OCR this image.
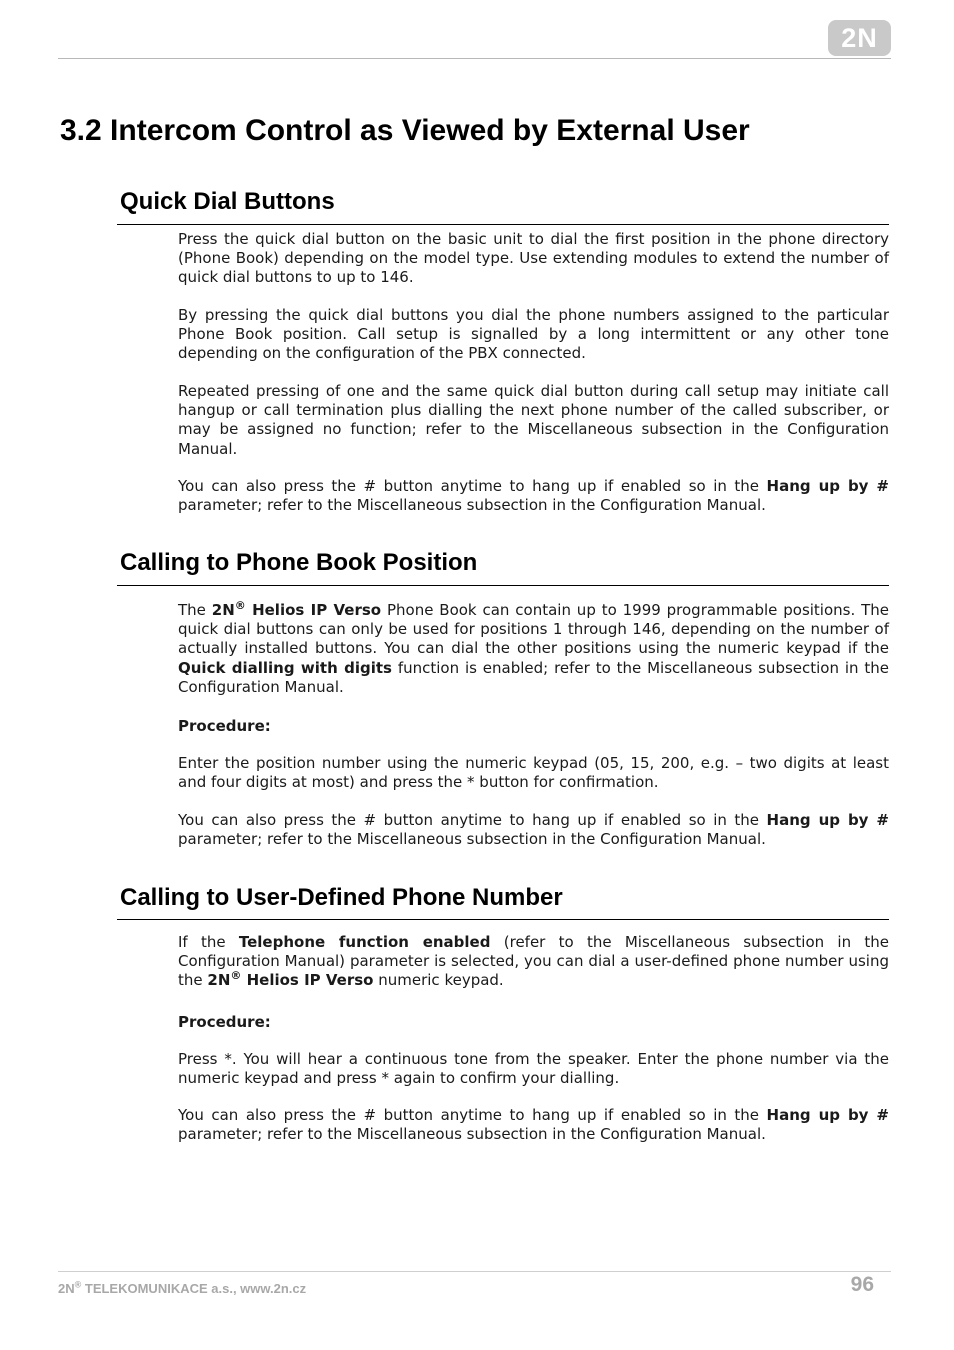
2N
3.2 Intercom Control as Viewed by External User
Quick Dial Buttons

Press the quick dial button on the basic unit to dial the first position in the phone directory (Phone Book) depending on the model type. Use extending modules to extend the number of quick dial buttons to up to 146.

By pressing the quick dial buttons you dial the phone numbers assigned to the particular Phone Book position. Call setup is signalled by a long intermittent or any other tone depending on the configuration of the PBX connected.

Repeated pressing of one and the same quick dial button during call setup may initiate call hangup or call termination plus dialling the next phone number of the called subscriber, or may be assigned no function; refer to the Miscellaneous subsection in the Configuration Manual.

You can also press the # button anytime to hang up if enabled so in the Hang up by # parameter; refer to the Miscellaneous subsection in the Configuration Manual.

Calling to Phone Book Position

The 2N® Helios IP Verso Phone Book can contain up to 1999 programmable positions. The quick dial buttons can only be used for positions 1 through 146, depending on the number of actually installed buttons. You can dial the other positions using the numeric keypad if the Quick dialling with digits function is enabled; refer to the Miscellaneous subsection in the Configuration Manual.

Procedure:

Enter the position number using the numeric keypad (05, 15, 200, e.g. – two digits at least and four digits at most) and press the * button for confirmation.

You can also press the # button anytime to hang up if enabled so in the Hang up by # parameter; refer to the Miscellaneous subsection in the Configuration Manual.

Calling to User-Defined Phone Number

If the Telephone function enabled (refer to the Miscellaneous subsection in the Configuration Manual) parameter is selected, you can dial a user-defined phone number using the 2N® Helios IP Verso numeric keypad.

Procedure:

Press *. You will hear a continuous tone from the speaker. Enter the phone number via the numeric keypad and press * again to confirm your dialling.

You can also press the # button anytime to hang up if enabled so in the Hang up by # parameter; refer to the Miscellaneous subsection in the Configuration Manual.

2N® TELEKOMUNIKACE a.s., www.2n.cz	96
